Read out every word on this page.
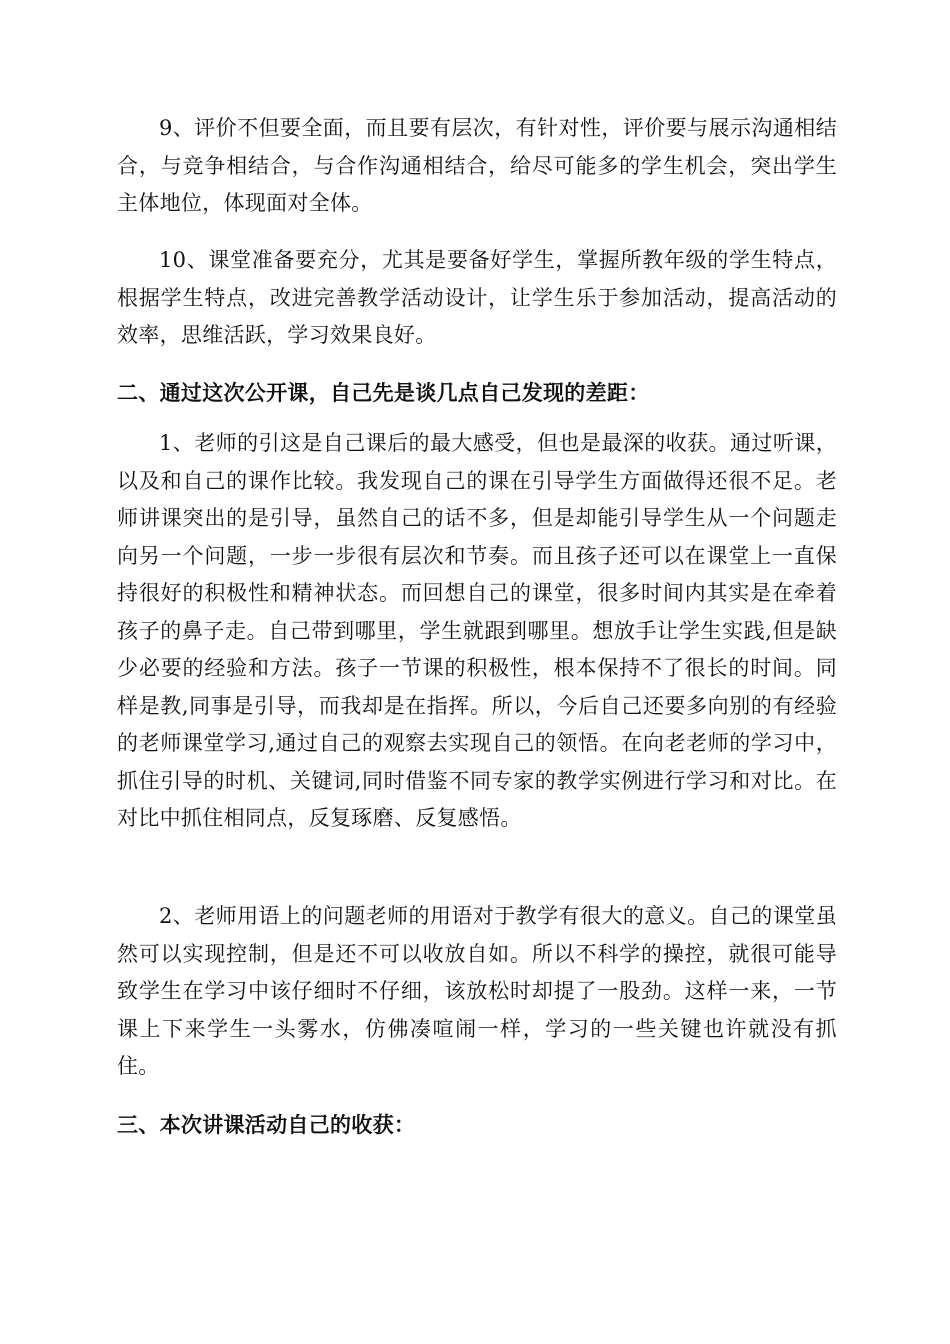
9、评价不但要全面，而且要有层次，有针对性，评价要与展示沟通相结合，与竞争相结合，与合作沟通相结合，给尽可能多的学生机会，突出学生主体地位，体现面对全体。

10、课堂准备要充分，尤其是要备好学生，掌握所教年级的学生特点，根据学生特点，改进完善教学活动设计，让学生乐于参加活动，提高活动的效率，思维活跃，学习效果良好。

二、通过这次公开课，自己先是谈几点自己发现的差距：

1、老师的引这是自己课后的最大感受，但也是最深的收获。通过听课，以及和自己的课作比较。我发现自己的课在引导学生方面做得还很不足。老师讲课突出的是引导，虽然自己的话不多，但是却能引导学生从一个问题走向另一个问题，一步一步很有层次和节奏。而且孩子还可以在课堂上一直保持很好的积极性和精神状态。而回想自己的课堂，很多时间内其实是在牵着孩子的鼻子走。自己带到哪里，学生就跟到哪里。想放手让学生实践,但是缺少必要的经验和方法。孩子一节课的积极性，根本保持不了很长的时间。同样是教,同事是引导，而我却是在指挥。所以，今后自己还要多向别的有经验的老师课堂学习,通过自己的观察去实现自己的领悟。在向老老师的学习中，抓住引导的时机、关键词,同时借鉴不同专家的教学实例进行学习和对比。在对比中抓住相同点，反复琢磨、反复感悟。

2、老师用语上的问题老师的用语对于教学有很大的意义。自己的课堂虽然可以实现控制，但是还不可以收放自如。所以不科学的操控，就很可能导致学生在学习中该仔细时不仔细，该放松时却提了一股劲。这样一来，一节课上下来学生一头雾水，仿佛凑喧闹一样，学习的一些关键也许就没有抓住。

三、本次讲课活动自己的收获：
